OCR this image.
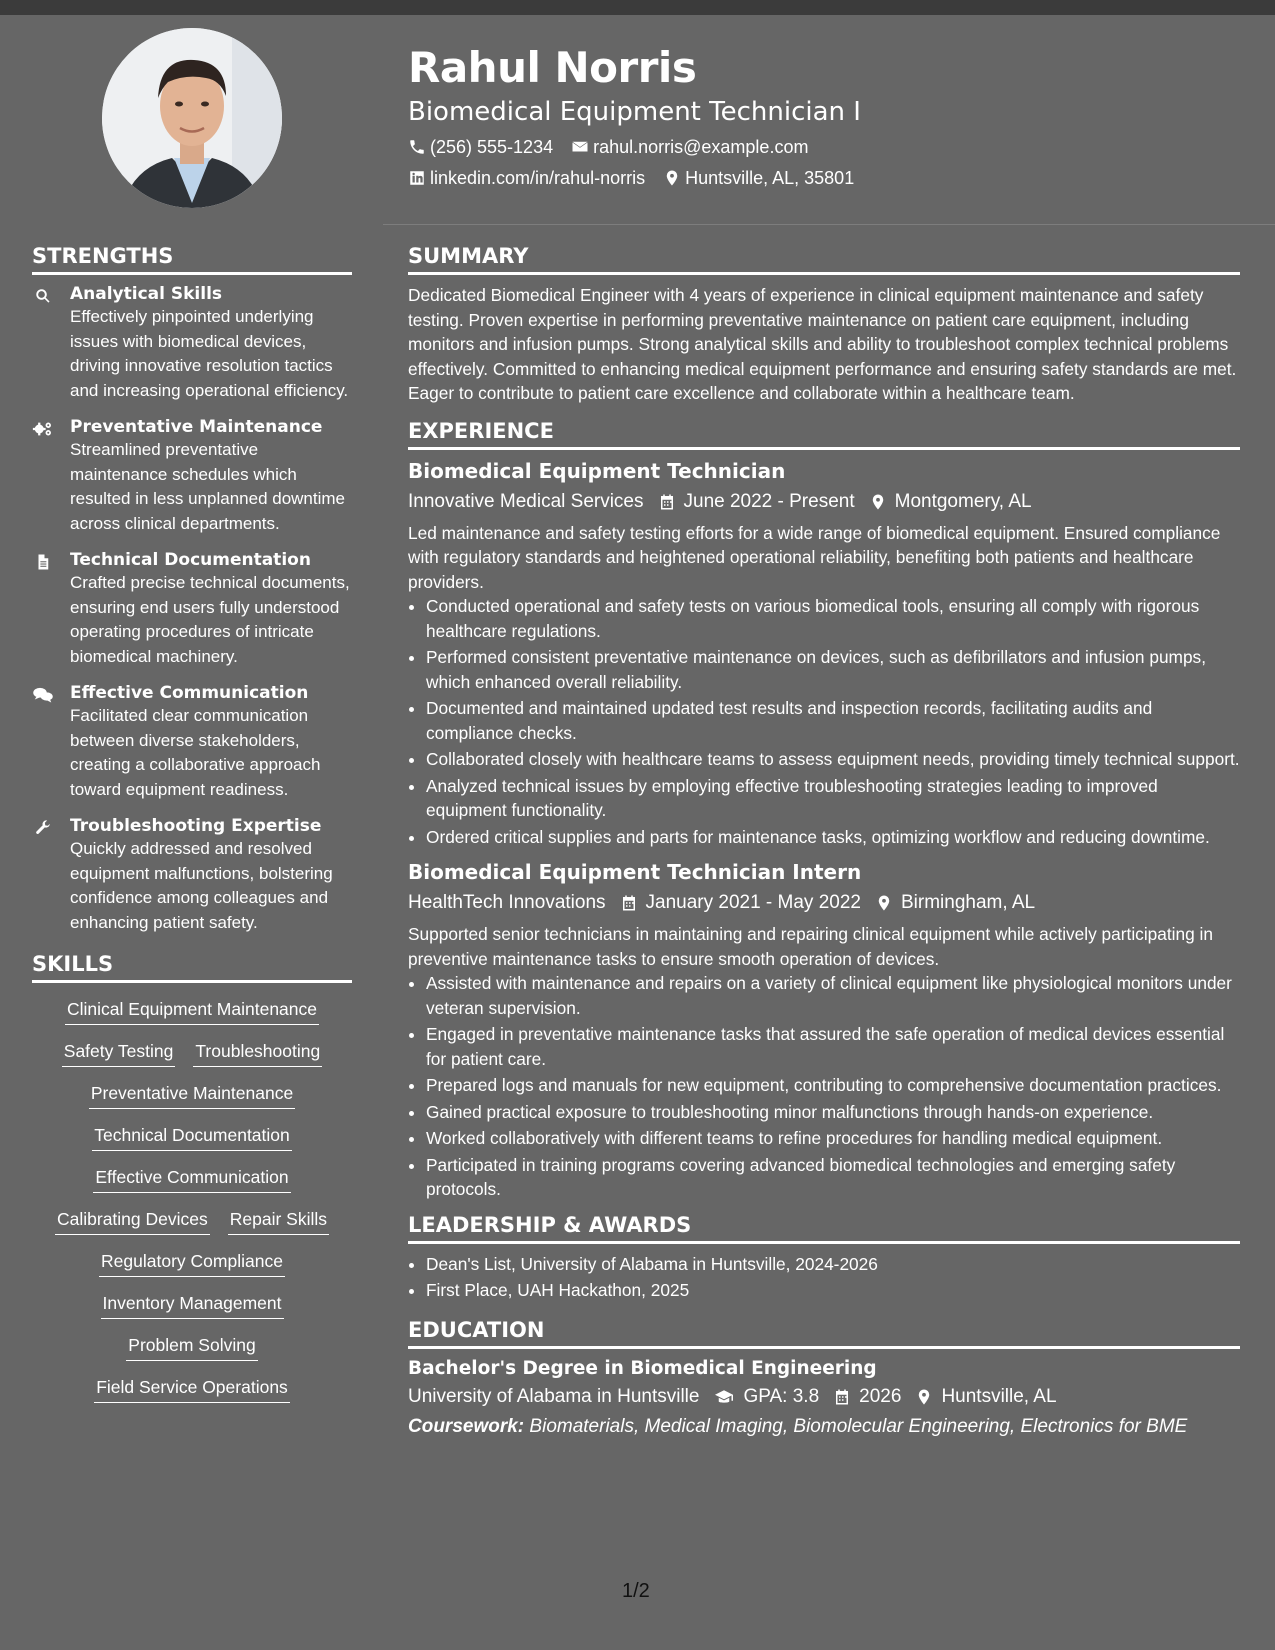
Rahul Norris
Biomedical Equipment Technician I
(256) 555-1234 rahul.norris@example.com
linkedin.com/in/rahul-norris Huntsville, AL, 35801
STRENGTHS
Analytical Skills
Effectively pinpointed underlying issues with biomedical devices, driving innovative resolution tactics and increasing operational efficiency.
Preventative Maintenance
Streamlined preventative maintenance schedules which resulted in less unplanned downtime across clinical departments.
Technical Documentation
Crafted precise technical documents, ensuring end users fully understood operating procedures of intricate biomedical machinery.
Effective Communication
Facilitated clear communication between diverse stakeholders, creating a collaborative approach toward equipment readiness.
Troubleshooting Expertise
Quickly addressed and resolved equipment malfunctions, bolstering confidence among colleagues and enhancing patient safety.
SKILLS
Clinical Equipment Maintenance
Safety Testing Troubleshooting
Preventative Maintenance
Technical Documentation
Effective Communication
Calibrating Devices Repair Skills
Regulatory Compliance
Inventory Management
Problem Solving
Field Service Operations
SUMMARY
Dedicated Biomedical Engineer with 4 years of experience in clinical equipment maintenance and safety testing. Proven expertise in performing preventative maintenance on patient care equipment, including monitors and infusion pumps. Strong analytical skills and ability to troubleshoot complex technical problems effectively. Committed to enhancing medical equipment performance and ensuring safety standards are met. Eager to contribute to patient care excellence and collaborate within a healthcare team.
EXPERIENCE
Biomedical Equipment Technician
Innovative Medical Services June 2022 - Present Montgomery, AL
Led maintenance and safety testing efforts for a wide range of biomedical equipment. Ensured compliance with regulatory standards and heightened operational reliability, benefiting both patients and healthcare providers.
• Conducted operational and safety tests on various biomedical tools, ensuring all comply with rigorous healthcare regulations.
• Performed consistent preventative maintenance on devices, such as defibrillators and infusion pumps, which enhanced overall reliability.
• Documented and maintained updated test results and inspection records, facilitating audits and compliance checks.
• Collaborated closely with healthcare teams to assess equipment needs, providing timely technical support.
• Analyzed technical issues by employing effective troubleshooting strategies leading to improved equipment functionality.
• Ordered critical supplies and parts for maintenance tasks, optimizing workflow and reducing downtime.
Biomedical Equipment Technician Intern
HealthTech Innovations January 2021 - May 2022 Birmingham, AL
Supported senior technicians in maintaining and repairing clinical equipment while actively participating in preventive maintenance tasks to ensure smooth operation of devices.
• Assisted with maintenance and repairs on a variety of clinical equipment like physiological monitors under veteran supervision.
• Engaged in preventative maintenance tasks that assured the safe operation of medical devices essential for patient care.
• Prepared logs and manuals for new equipment, contributing to comprehensive documentation practices.
• Gained practical exposure to troubleshooting minor malfunctions through hands-on experience.
• Worked collaboratively with different teams to refine procedures for handling medical equipment.
• Participated in training programs covering advanced biomedical technologies and emerging safety protocols.
LEADERSHIP & AWARDS
• Dean's List, University of Alabama in Huntsville, 2024-2026
• First Place, UAH Hackathon, 2025
EDUCATION
Bachelor's Degree in Biomedical Engineering
University of Alabama in Huntsville GPA: 3.8 2026 Huntsville, AL
Coursework: Biomaterials, Medical Imaging, Biomolecular Engineering, Electronics for BME
1/2
